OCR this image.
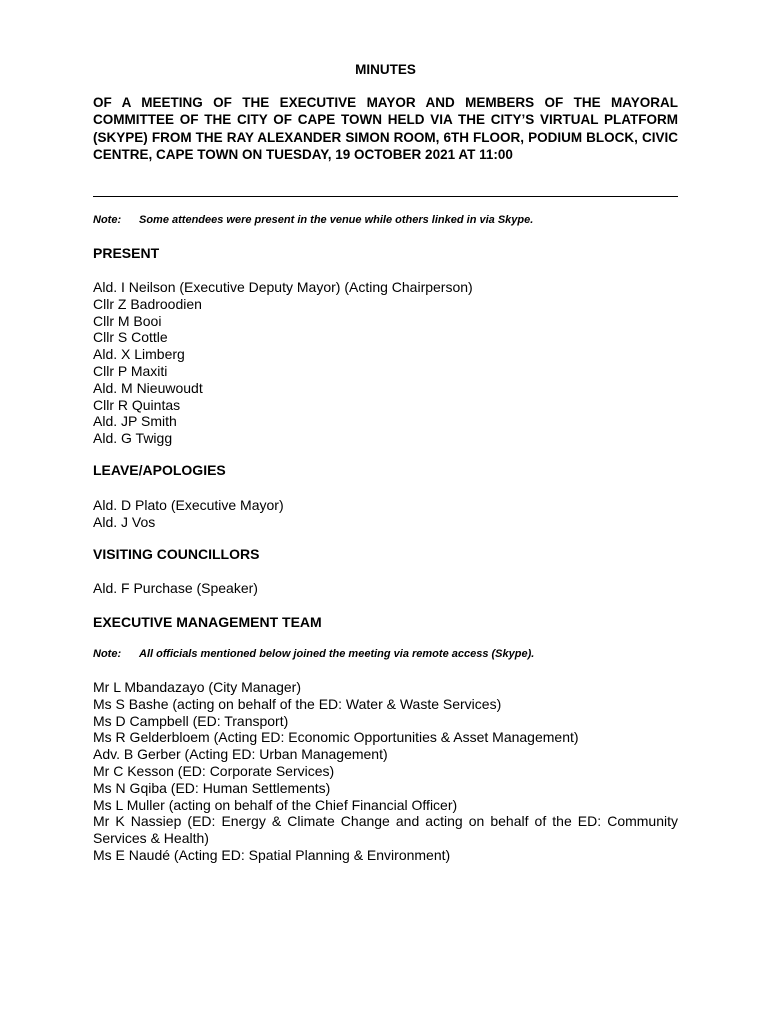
MINUTES
OF A MEETING OF THE EXECUTIVE MAYOR AND MEMBERS OF THE MAYORAL COMMITTEE OF THE CITY OF CAPE TOWN HELD VIA THE CITY’S VIRTUAL PLATFORM (SKYPE) FROM THE RAY ALEXANDER SIMON ROOM, 6TH FLOOR, PODIUM BLOCK, CIVIC CENTRE, CAPE TOWN ON TUESDAY, 19 OCTOBER 2021 AT 11:00
Note: Some attendees were present in the venue while others linked in via Skype.
PRESENT
Ald. I Neilson (Executive Deputy Mayor) (Acting Chairperson)
Cllr Z Badroodien
Cllr M Booi
Cllr S Cottle
Ald. X Limberg
Cllr P Maxiti
Ald. M Nieuwoudt
Cllr R Quintas
Ald. JP Smith
Ald. G Twigg
LEAVE/APOLOGIES
Ald. D Plato (Executive Mayor)
Ald. J Vos
VISITING COUNCILLORS
Ald. F Purchase (Speaker)
EXECUTIVE MANAGEMENT TEAM
Note: All officials mentioned below joined the meeting via remote access (Skype).
Mr L Mbandazayo (City Manager)
Ms S Bashe (acting on behalf of the ED: Water & Waste Services)
Ms D Campbell (ED: Transport)
Ms R Gelderbloem (Acting ED: Economic Opportunities & Asset Management)
Adv. B Gerber (Acting ED: Urban Management)
Mr C Kesson (ED: Corporate Services)
Ms N Gqiba (ED: Human Settlements)
Ms L Muller (acting on behalf of the Chief Financial Officer)
Mr K Nassiep (ED: Energy & Climate Change and acting on behalf of the ED: Community Services & Health)
Ms E Naudé (Acting ED: Spatial Planning & Environment)
